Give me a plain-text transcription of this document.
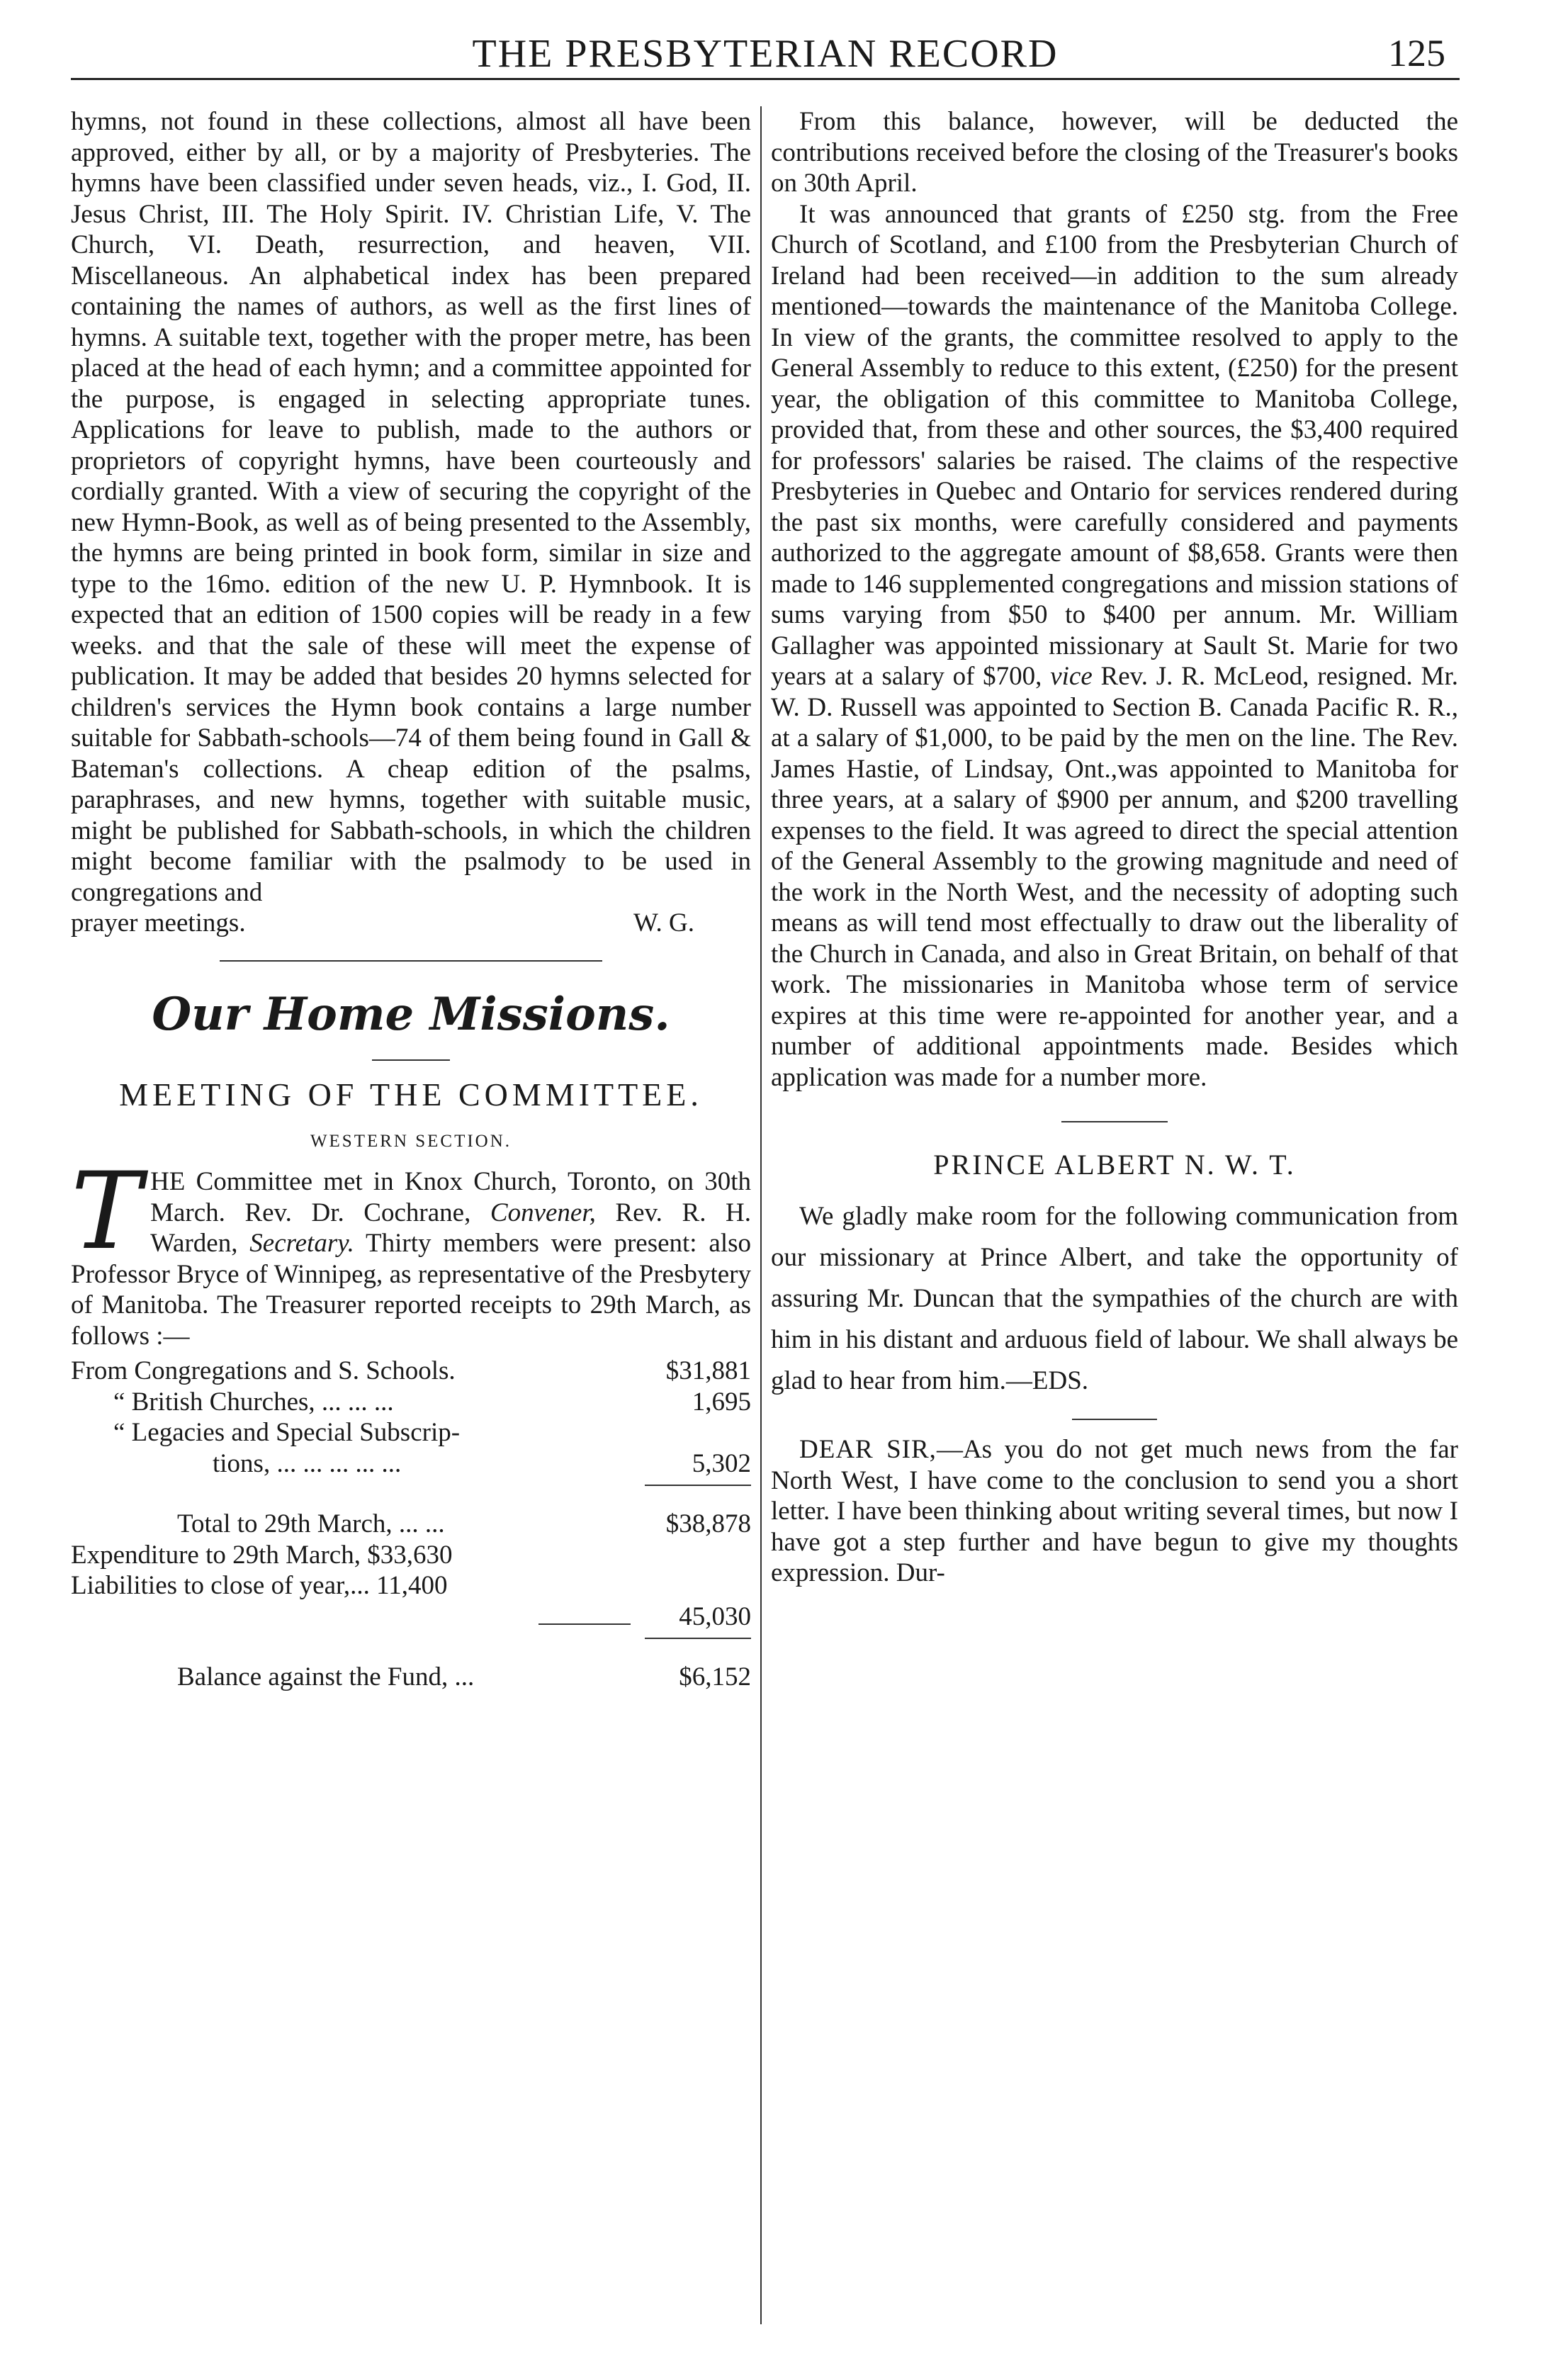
THE PRESBYTERIAN RECORD	125

hymns, not found in these collections, almost all have been approved, either by all, or by a majority of Presbyteries. The hymns have been classified under seven heads, viz., I. God, II. Jesus Christ, III. The Holy Spirit. IV. Christian Life, V. The Church, VI. Death, resurrection, and heaven, VII. Miscellaneous. An alphabetical index has been prepared containing the names of authors, as well as the first lines of hymns. A suitable text, together with the proper metre, has been placed at the head of each hymn; and a committee appointed for the purpose, is engaged in selecting appropriate tunes. Applications for leave to publish, made to the authors or proprietors of copyright hymns, have been courteously and cordially granted. With a view of securing the copyright of the new Hymn-Book, as well as of being presented to the Assembly, the hymns are being printed in book form, similar in size and type to the 16mo. edition of the new U. P. Hymnbook. It is expected that an edition of 1500 copies will be ready in a few weeks. and that the sale of these will meet the expense of publication. It may be added that besides 20 hymns selected for children's services the Hymn book contains a large number suitable for Sabbath-schools—74 of them being found in Gall & Bateman's collections. A cheap edition of the psalms, paraphrases, and new hymns, together with suitable music, might be published for Sabbath-schools, in which the children might become familiar with the psalmody to be used in congregations and

prayer meetings.	W. G.
Our Home Missions.
MEETING OF THE COMMITTEE.
WESTERN SECTION.

T HE Committee met in Knox Church, Toronto, on 30th March. Rev. Dr. Cochrane, Convener, Rev. R. H. Warden, Secretary. Thirty members were present: also Professor Bryce of Winnipeg, as representative of the Presbytery of Manitoba. The Treasurer reported receipts to 29th March, as follows :—

From Congregations and S. Schools.	$31,881
“ British Churches, ... ... ...	1,695
“ Legacies and Special Subscrip-
tions, ... ... ... ... ...	5,302
Total to 29th March, ... ...	$38,878
Expenditure to 29th March, $33,630
Liabilities to close of year,... 11,400
45,030
Balance against the Fund, ...	$6,152

From this balance, however, will be deducted the contributions received before the closing of the Treasurer's books on 30th April.

It was announced that grants of £250 stg. from the Free Church of Scotland, and £100 from the Presbyterian Church of Ireland had been received—in addition to the sum already mentioned—towards the maintenance of the Manitoba College. In view of the grants, the committee resolved to apply to the General Assembly to reduce to this extent, (£250) for the present year, the obligation of this committee to Manitoba College, provided that, from these and other sources, the $3,400 required for professors' salaries be raised. The claims of the respective Presbyteries in Quebec and Ontario for services rendered during the past six months, were carefully considered and payments authorized to the aggregate amount of $8,658. Grants were then made to 146 supplemented congregations and mission stations of sums varying from $50 to $400 per annum. Mr. William Gallagher was appointed missionary at Sault St. Marie for two years at a salary of $700, vice Rev. J. R. McLeod, resigned. Mr. W. D. Russell was appointed to Section B. Canada Pacific R. R., at a salary of $1,000, to be paid by the men on the line. The Rev. James Hastie, of Lindsay, Ont.,was appointed to Manitoba for three years, at a salary of $900 per annum, and $200 travelling expenses to the field. It was agreed to direct the special attention of the General Assembly to the growing magnitude and need of the work in the North West, and the necessity of adopting such means as will tend most effectually to draw out the liberality of the Church in Canada, and also in Great Britain, on behalf of that work. The missionaries in Manitoba whose term of service expires at this time were re-appointed for another year, and a number of additional appointments made. Besides which application was made for a number more.

PRINCE ALBERT N. W. T.

We gladly make room for the following communication from our missionary at Prince Albert, and take the opportunity of assuring Mr. Duncan that the sympathies of the church are with him in his distant and arduous field of labour. We shall always be glad to hear from him.—EDS.

DEAR SIR,—As you do not get much news from the far North West, I have come to the conclusion to send you a short letter. I have been thinking about writing several times, but now I have got a step further and have begun to give my thoughts expression. Dur-
